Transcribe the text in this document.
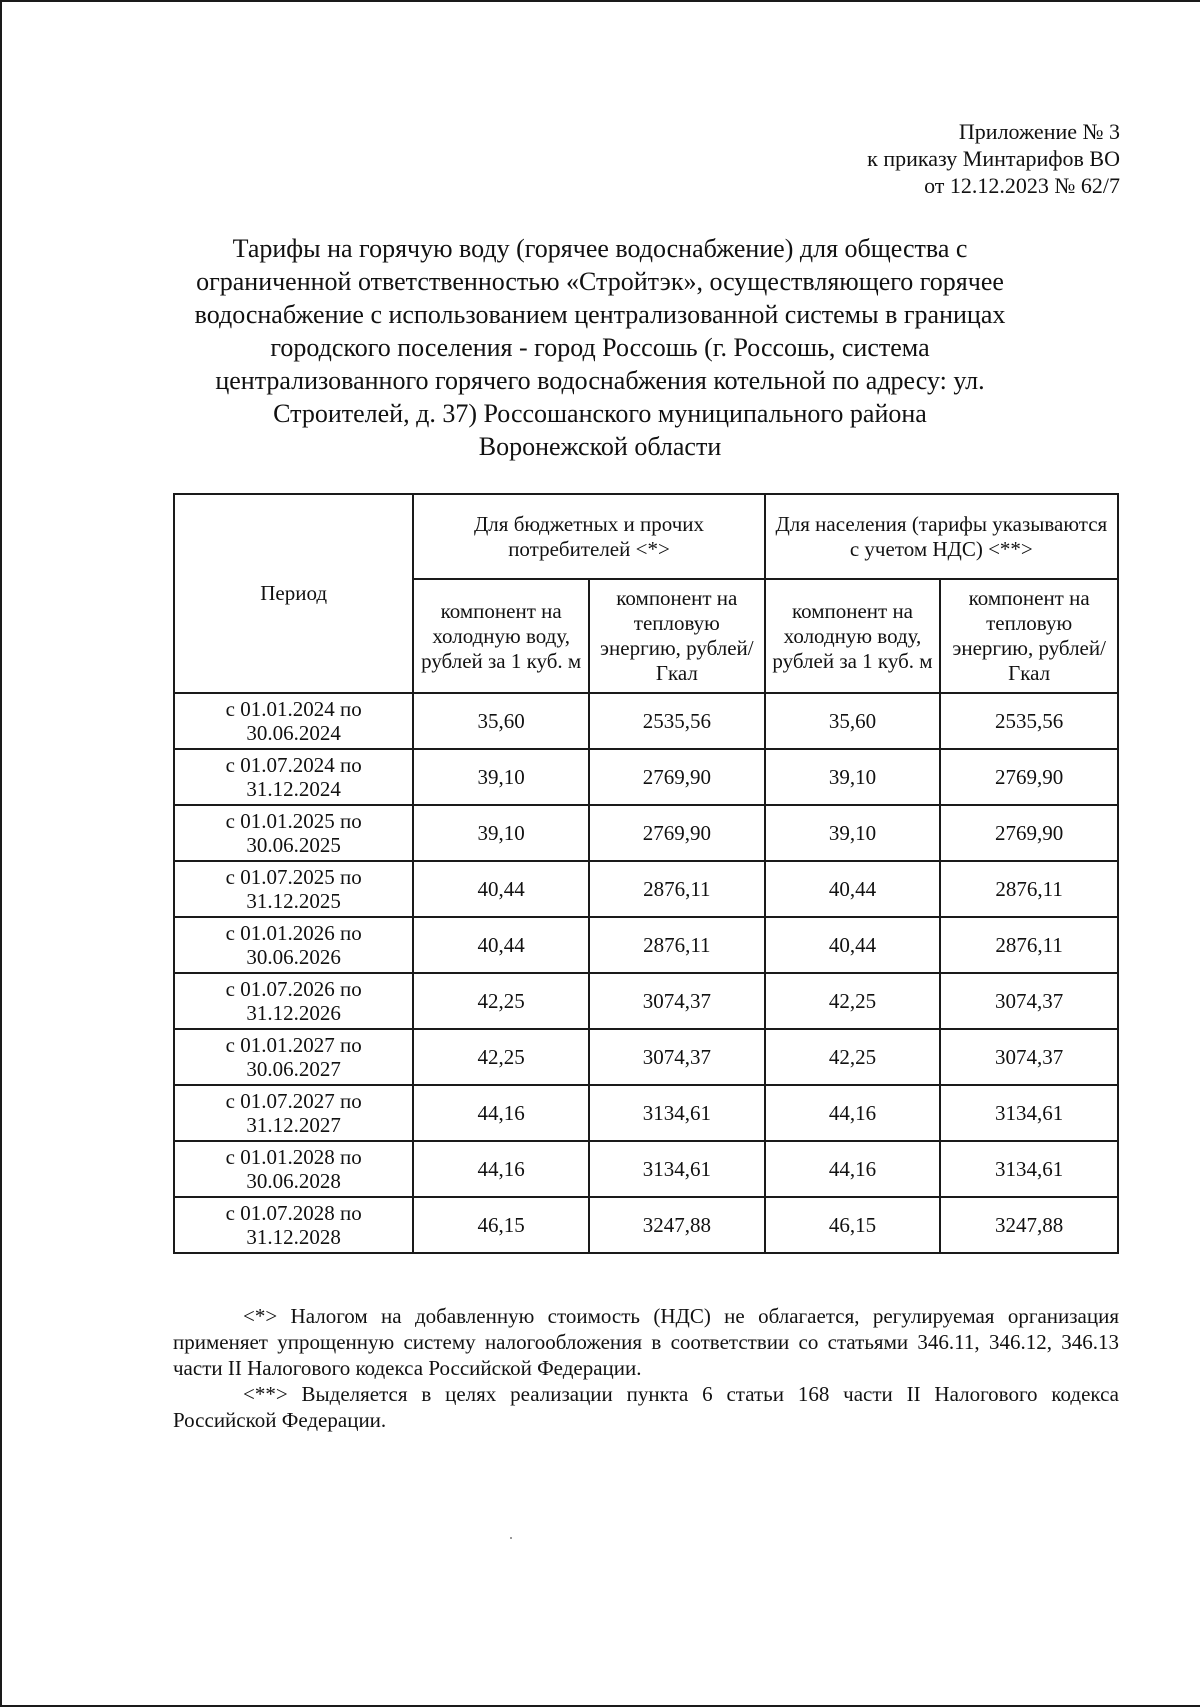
Приложение № 3
к приказу Минтарифов ВО
от 12.12.2023 № 62/7
Тарифы на горячую воду (горячее водоснабжение) для общества с
ограниченной ответственностью «Стройтэк», осуществляющего горячее
водоснабжение с использованием централизованной системы в границах
городского поселения - город Россошь (г. Россошь, система
централизованного горячего водоснабжения котельной по адресу: ул.
Строителей, д. 37) Россошанского муниципального района
Воронежской области
Период	Для бюджетных и прочих потребителей <*>		Для населения (тарифы указываются с учетом НДС) <**>	
	компонент на холодную воду, рублей за 1 куб. м	компонент на тепловую энергию, рублей/Гкал	компонент на холодную воду, рублей за 1 куб. м	компонент на тепловую энергию, рублей/Гкал
с 01.01.2024 по 30.06.2024	35,60	2535,56	35,60	2535,56
с 01.07.2024 по 31.12.2024	39,10	2769,90	39,10	2769,90
с 01.01.2025 по 30.06.2025	39,10	2769,90	39,10	2769,90
с 01.07.2025 по 31.12.2025	40,44	2876,11	40,44	2876,11
с 01.01.2026 по 30.06.2026	40,44	2876,11	40,44	2876,11
с 01.07.2026 по 31.12.2026	42,25	3074,37	42,25	3074,37
с 01.01.2027 по 30.06.2027	42,25	3074,37	42,25	3074,37
с 01.07.2027 по 31.12.2027	44,16	3134,61	44,16	3134,61
с 01.01.2028 по 30.06.2028	44,16	3134,61	44,16	3134,61
с 01.07.2028 по 31.12.2028	46,15	3247,88	46,15	3247,88

<*> Налогом на добавленную стоимость (НДС) не облагается, регулируемая организация применяет упрощенную систему налогообложения в соответствии со статьями 346.11, 346.12, 346.13 части II Налогового кодекса Российской Федерации.

<**> Выделяется в целях реализации пункта 6 статьи 168 части II Налогового кодекса Российской Федерации.
